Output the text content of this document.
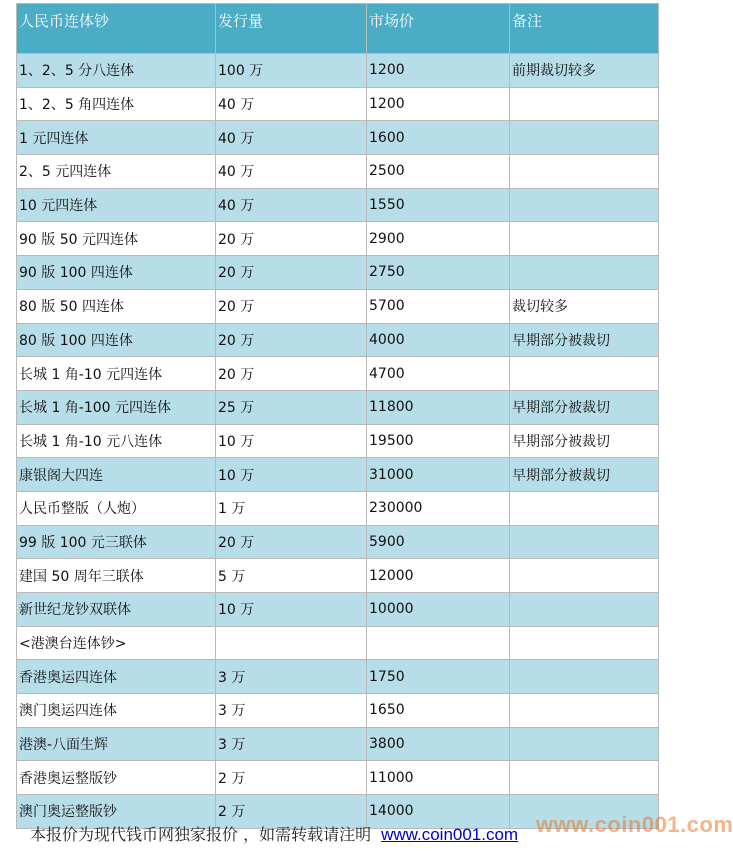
人民币连体钞	发行量	市场价	备注
1、2、5 分八连体	100 万	1200	前期裁切较多
1、2、5 角四连体	40 万	1200	
1 元四连体	40 万	1600	
2、5 元四连体	40 万	2500	
10 元四连体	40 万	1550	
90 版 50 元四连体	20 万	2900	
90 版 100 四连体	20 万	2750	
80 版 50 四连体	20 万	5700	裁切较多
80 版 100 四连体	20 万	4000	早期部分被裁切
长城 1 角-10 元四连体	20 万	4700	
长城 1 角-100 元四连体	25 万	11800	早期部分被裁切
长城 1 角-10 元八连体	10 万	19500	早期部分被裁切
康银阁大四连	10 万	31000	早期部分被裁切
人民币整版（人炮）	1 万	230000	
99 版 100 元三联体	20 万	5900	
建国 50 周年三联体	5 万	12000	
新世纪龙钞双联体	10 万	10000	
<港澳台连体钞>			
香港奥运四连体	3 万	1750	
澳门奥运四连体	3 万	1650	
港澳-八面生辉	3 万	3800	
香港奥运整版钞	2 万	11000	
澳门奥运整版钞	2 万	14000	
本报价为现代钱币网独家报价 ，如需转载请注明 www.coin001.com www.coin001.com
